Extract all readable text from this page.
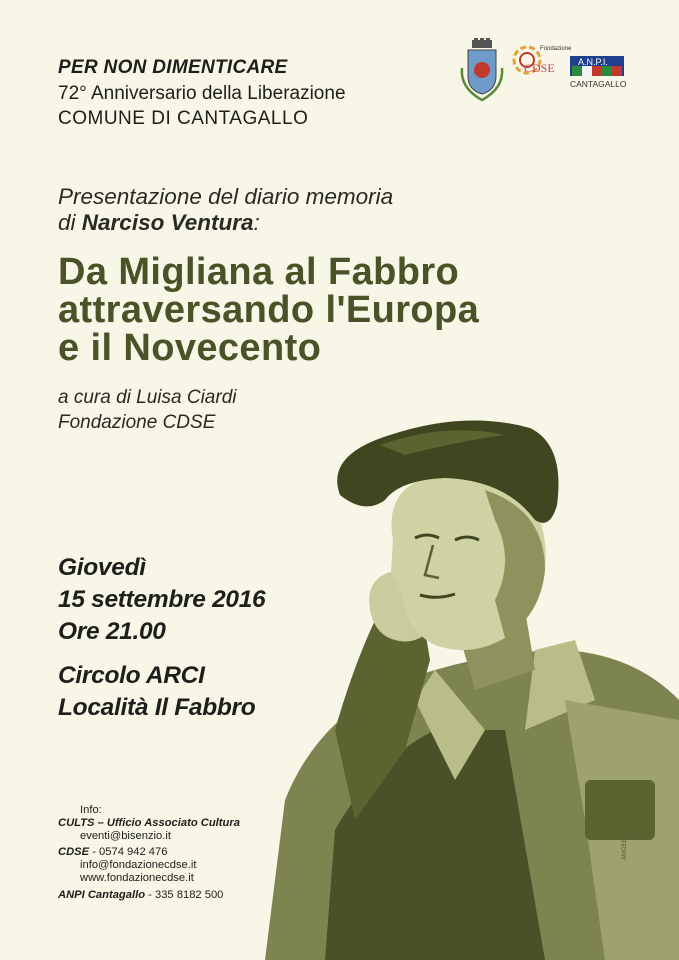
PER NON DIMENTICARE
72° Anniversario della Liberazione
COMUNE DI CANTAGALLO
Fondazione
CDSE	A.N.P.I.
CANTAGALLO
Presentazione del diario memoria
di Narciso Ventura:
Da Migliana al Fabbro
attraversando l'Europa
e il Novecento
a cura di Luisa Ciardi
Fondazione CDSE
Giovedì
15 settembre 2016
Ore 21.00
Circolo ARCI
Località Il Fabbro
Info:
CULTS – Ufficio Associato Cultura
eventi@bisenzio.it
CDSE - 0574 942 476
info@fondazionecdse.it
www.fondazionecdse.it
ANPI Cantagallo - 335 8182 500
AMOEBA
